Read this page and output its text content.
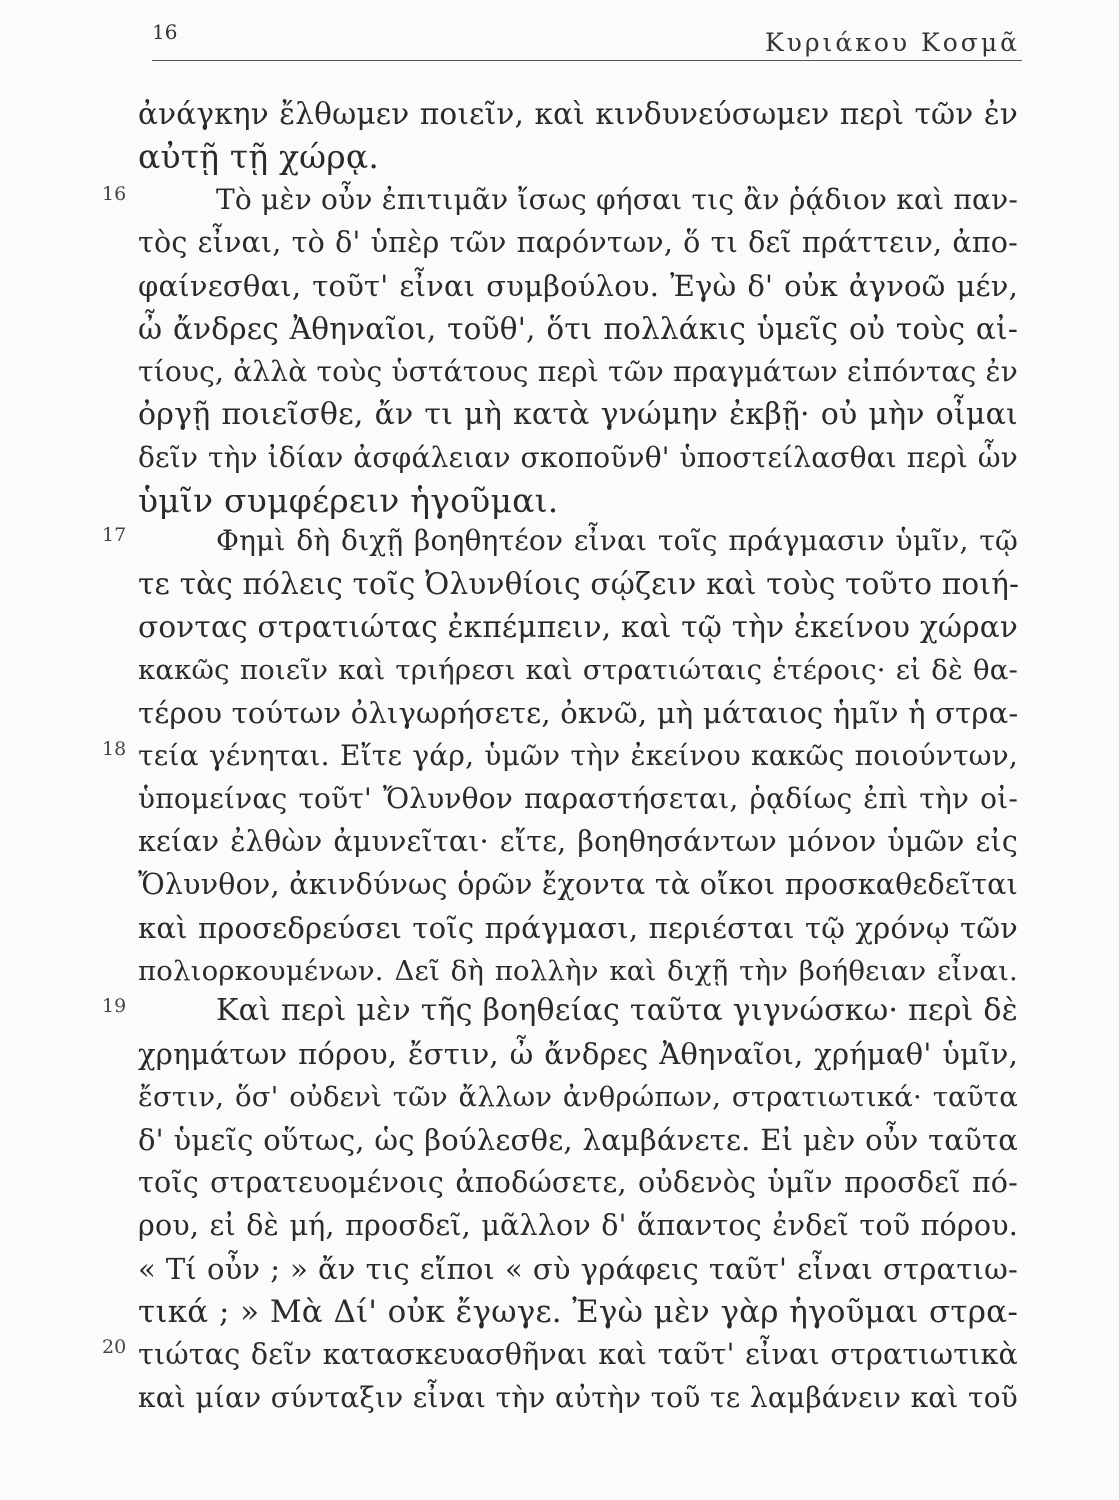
16	Κυριάκου Κοσμᾶ
16
17
18
19
20
ἀνάγκην ἔλθωμεν ποιεῖν, καὶ κινδυνεύσωμεν περὶ τῶν ἐν
αὐτῇ τῇ χώρᾳ.
Τὸ μὲν οὖν ἐπιτιμᾶν ἴσως φήσαι τις ἂν ῥᾴδιον καὶ παν-
τὸς εἶναι, τὸ δ' ὑπὲρ τῶν παρόντων, ὅ τι δεῖ πράττειν, ἀπο-
φαίνεσθαι, τοῦτ' εἶναι συμβούλου. Ἐγὼ δ' οὐκ ἀγνοῶ μέν,
ὦ ἄνδρες Ἀθηναῖοι, τοῦθ', ὅτι πολλάκις ὑμεῖς οὐ τοὺς αἰ-
τίους, ἀλλὰ τοὺς ὑστάτους περὶ τῶν πραγμάτων εἰπόντας ἐν
ὀργῇ ποιεῖσθε, ἄν τι μὴ κατὰ γνώμην ἐκβῇ· οὐ μὴν οἶμαι
δεῖν τὴν ἰδίαν ἀσφάλειαν σκοποῦνθ' ὑποστείλασθαι περὶ ὧν
ὑμῖν συμφέρειν ἡγοῦμαι.
Φημὶ δὴ διχῇ βοηθητέον εἶναι τοῖς πράγμασιν ὑμῖν, τῷ
τε τὰς πόλεις τοῖς Ὀλυνθίοις σῴζειν καὶ τοὺς τοῦτο ποιή-
σοντας στρατιώτας ἐκπέμπειν, καὶ τῷ τὴν ἐκείνου χώραν
κακῶς ποιεῖν καὶ τριήρεσι καὶ στρατιώταις ἑτέροις· εἰ δὲ θα-
τέρου τούτων ὀλιγωρήσετε, ὀκνῶ, μὴ μάταιος ἡμῖν ἡ στρα-
τεία γένηται. Εἴτε γάρ, ὑμῶν τὴν ἐκείνου κακῶς ποιούντων,
ὑπομείνας τοῦτ' Ὄλυνθον παραστήσεται, ῥᾳδίως ἐπὶ τὴν οἰ-
κείαν ἐλθὼν ἀμυνεῖται· εἴτε, βοηθησάντων μόνον ὑμῶν εἰς
Ὄλυνθον, ἀκινδύνως ὁρῶν ἔχοντα τὰ οἴκοι προσκαθεδεῖται
καὶ προσεδρεύσει τοῖς πράγμασι, περιέσται τῷ χρόνῳ τῶν
πολιορκουμένων. Δεῖ δὴ πολλὴν καὶ διχῇ τὴν βοήθειαν εἶναι.
Καὶ περὶ μὲν τῆς βοηθείας ταῦτα γιγνώσκω· περὶ δὲ
χρημάτων πόρου, ἔστιν, ὦ ἄνδρες Ἀθηναῖοι, χρήμαθ' ὑμῖν,
ἔστιν, ὅσ' οὐδενὶ τῶν ἄλλων ἀνθρώπων, στρατιωτικά· ταῦτα
δ' ὑμεῖς οὕτως, ὡς βούλεσθε, λαμβάνετε. Εἰ μὲν οὖν ταῦτα
τοῖς στρατευομένοις ἀποδώσετε, οὐδενὸς ὑμῖν προσδεῖ πό-
ρου, εἰ δὲ μή, προσδεῖ, μᾶλλον δ' ἅπαντος ἐνδεῖ τοῦ πόρου.
« Τί οὖν ; » ἄν τις εἴποι « σὺ γράφεις ταῦτ' εἶναι στρατιω-
τικά ; » Μὰ Δί' οὐκ ἔγωγε. Ἐγὼ μὲν γὰρ ἡγοῦμαι στρα-
τιώτας δεῖν κατασκευασθῆναι καὶ ταῦτ' εἶναι στρατιωτικὰ
καὶ μίαν σύνταξιν εἶναι τὴν αὐτὴν τοῦ τε λαμβάνειν καὶ τοῦ
